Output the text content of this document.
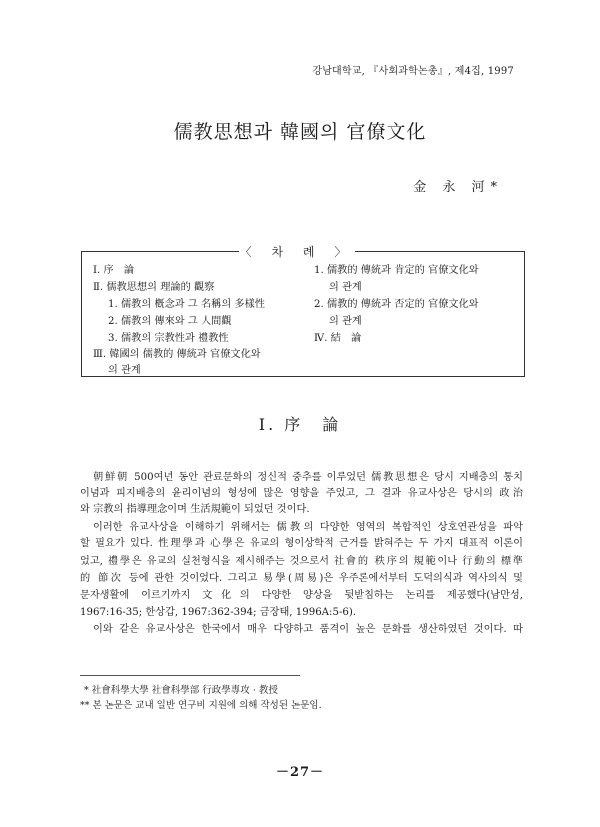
강남대학교, 『사회과학논총』, 제4집, 1997
儒教思想과 韓國의 官僚文化
金 永 河*
〈 차 례 〉
Ⅰ. 序　論
Ⅱ. 儒教思想의 理論的 觀察
1. 儒教의 槪念과 그 名稱의 多樣性
2. 儒教의 傳來와 그 人間觀
3. 儒教의 宗教性과 禮教性
Ⅲ. 韓國의 儒教的 傳統과 官僚文化와
의 관계
1. 儒教的 傳統과 肯定的 官僚文化와
의 관계
2. 儒教的 傳統과 否定的 官僚文化와
의 관계
Ⅳ. 結　論
Ⅰ. 序　論
朝鮮朝 500여년 동안 관료문화의 정신적 중추를 이루었던 儒教思想은 당시 지배층의 통치
이념과 피지배층의 윤리이념의 형성에 많은 영향을 주었고, 그 결과 유교사상은 당시의 政治
와 宗教의 指導理念이며 生活規範이 되었던 것이다.
이러한 유교사상을 이해하기 위해서는 儒教의 다양한 영역의 복합적인 상호연관성을 파악
할 필요가 있다. 性理學과 心學은 유교의 형이상학적 근거를 밝혀주는 두 가지 대표적 이론이
었고, 禮學은 유교의 실천형식을 제시해주는 것으로서 社會的 秩序의 規範이나 行動의 標準
的 節次 등에 관한 것이었다. 그리고 易學(周易)은 우주론에서부터 도덕의식과 역사의식 및
문자생활에 이르기까지 文化의 다양한 양상을 뒷받침하는 논리를 제공했다(남만성,
1967:16-35; 한상갑, 1967:362-394; 금장태, 1996A:5-6).
이와 같은 유교사상은 한국에서 매우 다양하고 품격이 높은 문화를 생산하였던 것이다. 따
* 社會科學大學 社會科學部 行政學專攻 · 教授
** 본 논문은 교내 일반 연구비 지원에 의해 작성된 논문임.
－27－
